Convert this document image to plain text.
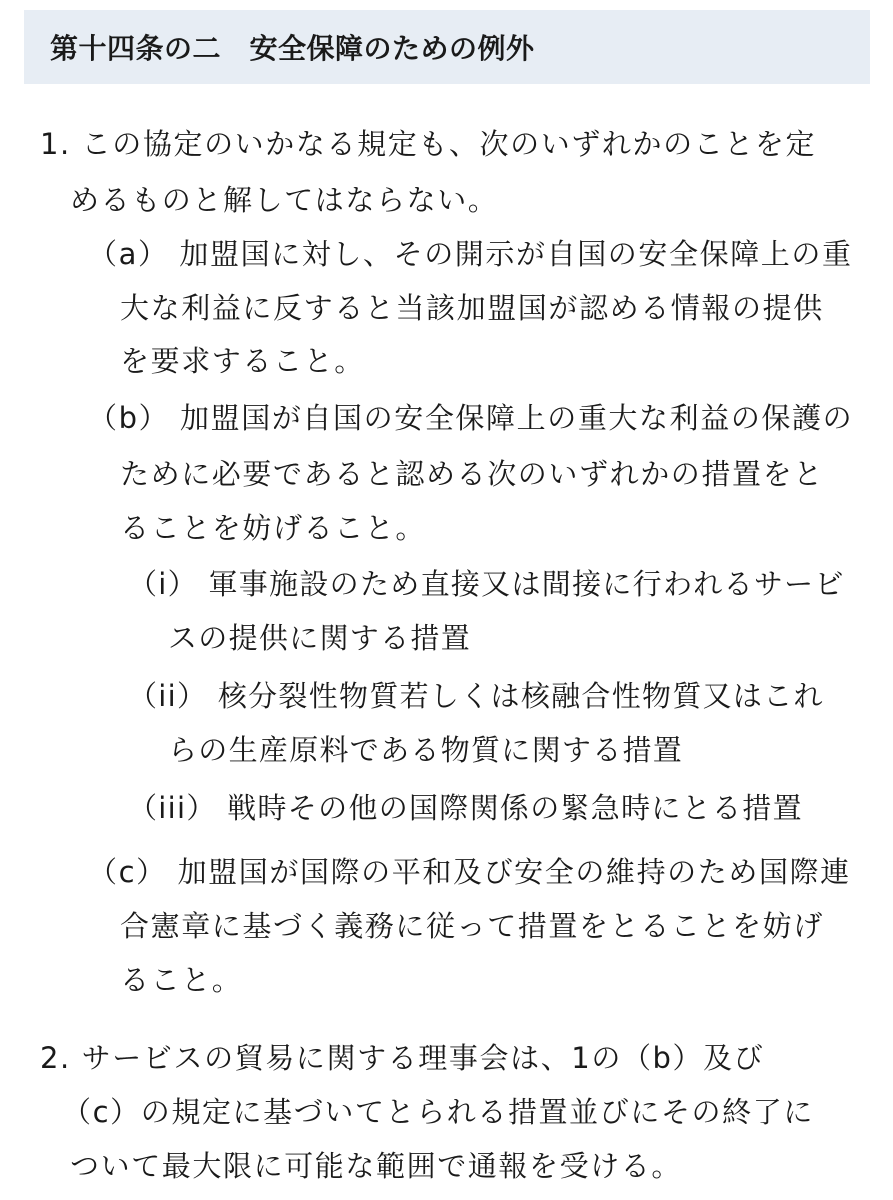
第十四条の二　安全保障のための例外
1. この協定のいかなる規定も、次のいずれかのことを定
めるものと解してはならない。
（a） 加盟国に対し、その開示が自国の安全保障上の重
大な利益に反すると当該加盟国が認める情報の提供
を要求すること。
（b） 加盟国が自国の安全保障上の重大な利益の保護の
ために必要であると認める次のいずれかの措置をと
ることを妨げること。
（i） 軍事施設のため直接又は間接に行われるサービ
スの提供に関する措置
（ii） 核分裂性物質若しくは核融合性物質又はこれ
らの生産原料である物質に関する措置
（iii） 戦時その他の国際関係の緊急時にとる措置
（c） 加盟国が国際の平和及び安全の維持のため国際連
合憲章に基づく義務に従って措置をとることを妨げ
ること。
2. サービスの貿易に関する理事会は、1の（b）及び
（c）の規定に基づいてとられる措置並びにその終了に
ついて最大限に可能な範囲で通報を受ける。
